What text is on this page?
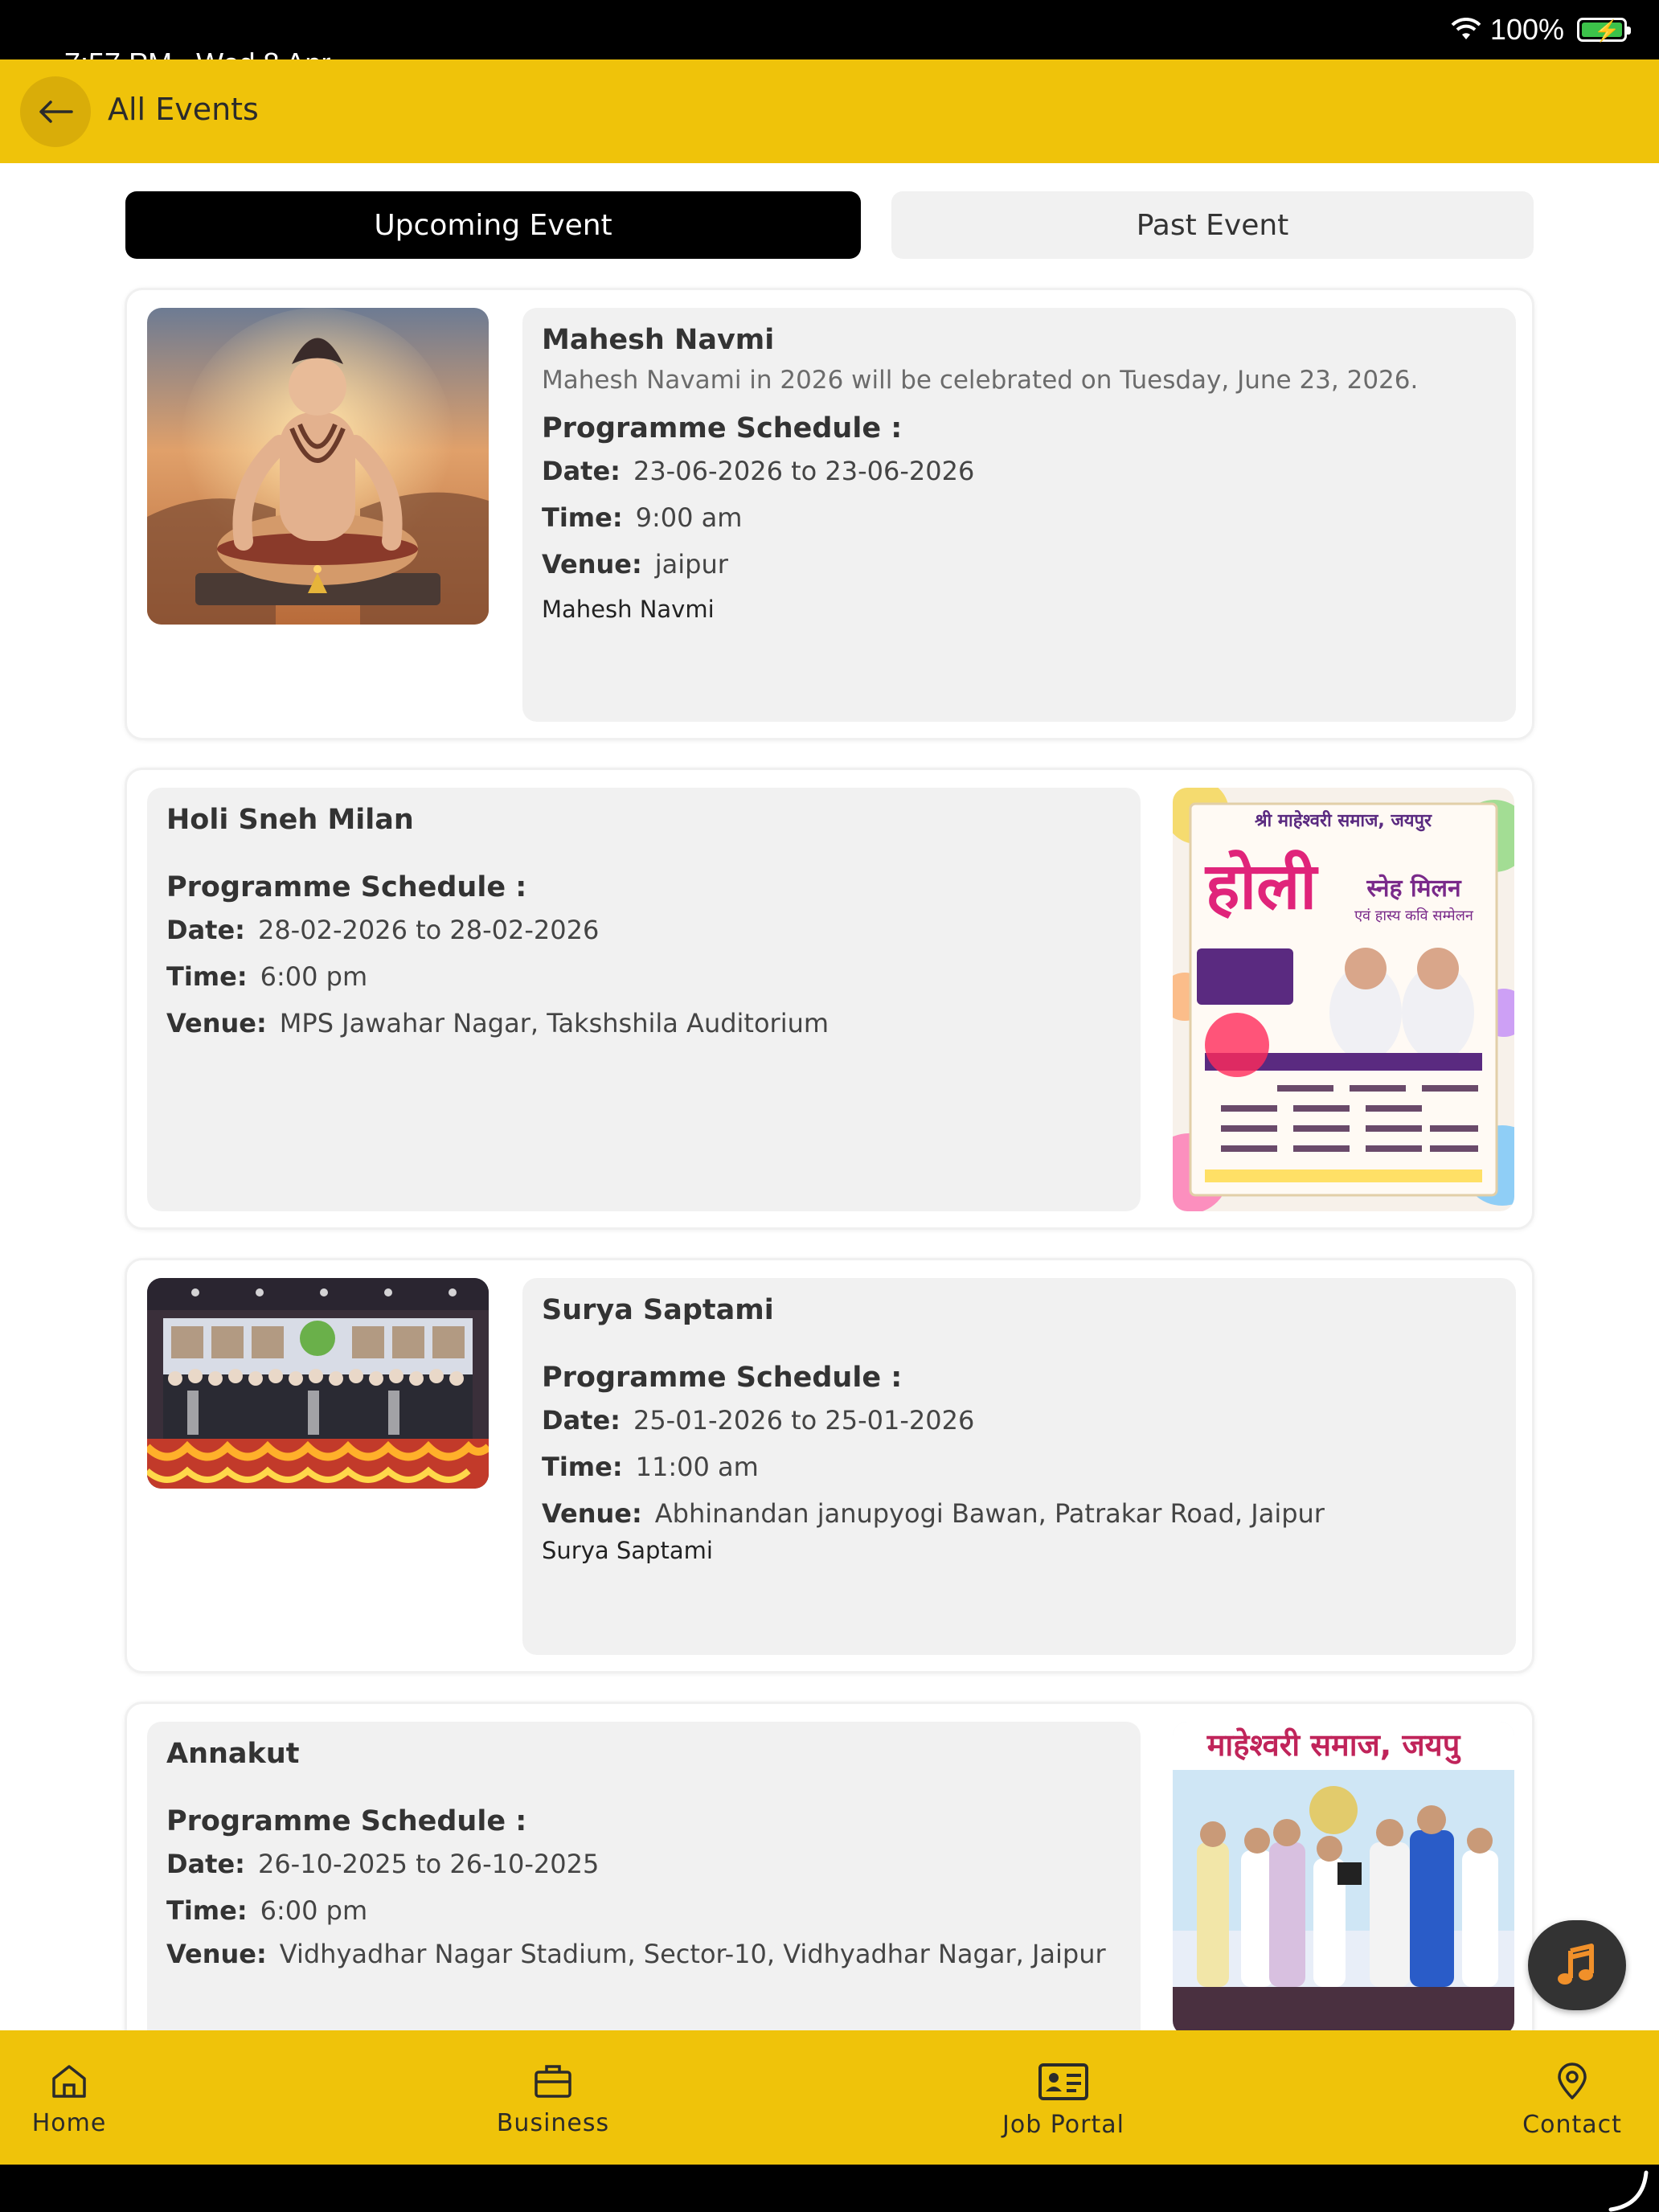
100% ⚡
All Events
Upcoming Event	Past Event
Mahesh Navmi
Mahesh Navami in 2026 will be celebrated on Tuesday, June 23, 2026.
Programme Schedule :
Date: 23-06-2026 to 23-06-2026
Time: 9:00 am
Venue: jaipur
Mahesh Navmi
Holi Sneh Milan
Programme Schedule :
Date: 28-02-2026 to 28-02-2026
Time: 6:00 pm
Venue: MPS Jawahar Nagar, Takshshila Auditorium
श्री माहेश्वरी समाज, जयपुर
होली स्नेह मिलन
एवं हास्य कवि सम्मेलन
Surya Saptami
Programme Schedule :
Date: 25-01-2026 to 25-01-2026
Time: 11:00 am
Venue: Abhinandan janupyogi Bawan, Patrakar Road, Jaipur
Surya Saptami
Annakut
Programme Schedule :
Date: 26-10-2025 to 26-10-2025
Time: 6:00 pm
Venue: Vidhyadhar Nagar Stadium, Sector-10, Vidhyadhar Nagar, Jaipur
माहेश्वरी समाज, जयपु
Home	Business	Job Portal	Contact
